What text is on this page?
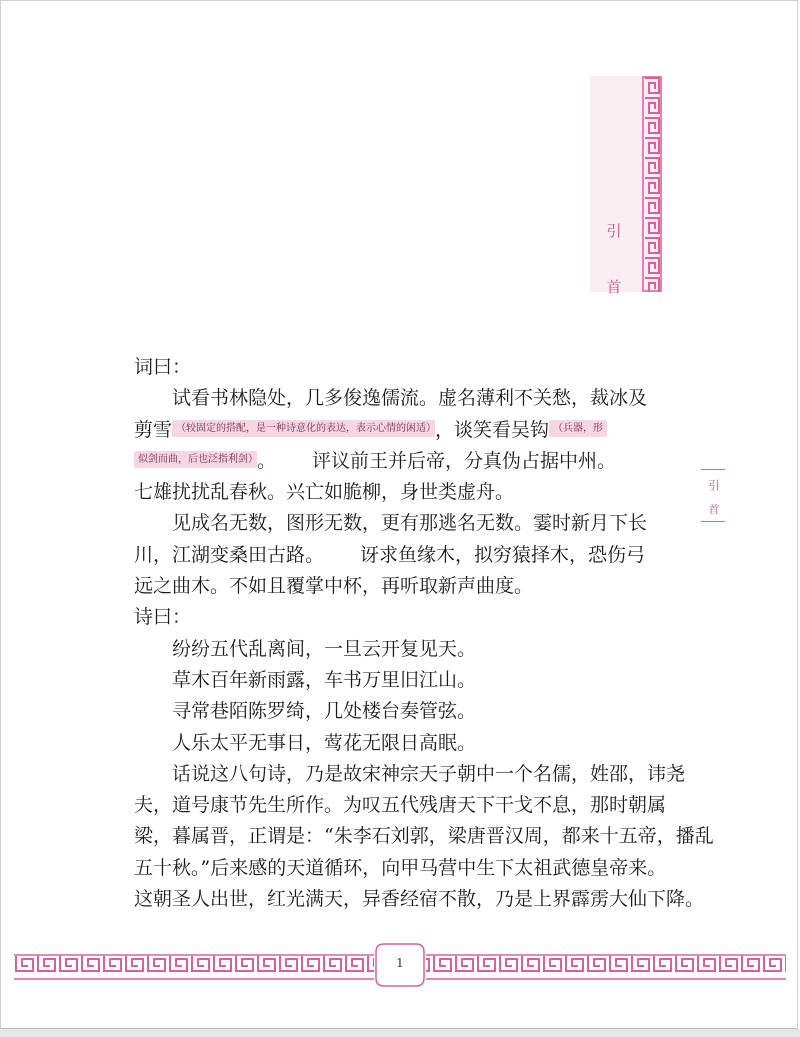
引
首
引
首
词曰：
试看书林隐处，几多俊逸儒流。虚名薄利不关愁，裁冰及
剪雪 （较固定的搭配，是一种诗意化的表达，表示心情的闲适） ，谈笑看吴钩 （兵器，形
似剑而曲，后也泛指利剑） 。 评议前王并后帝，分真伪占据中州。
七雄扰扰乱春秋。兴亡如脆柳，身世类虚舟。
见成名无数，图形无数，更有那逃名无数。霎时新月下长
川，江湖变桑田古路。 讶求鱼缘木，拟穷猿择木，恐伤弓
远之曲木。不如且覆掌中杯，再听取新声曲度。
诗曰：
纷纷五代乱离间，一旦云开复见天。
草木百年新雨露，车书万里旧江山。
寻常巷陌陈罗绮，几处楼台奏管弦。
人乐太平无事日，莺花无限日高眠。
话说这八句诗，乃是故宋神宗天子朝中一个名儒，姓邵，讳尧
夫，道号康节先生所作。为叹五代残唐天下干戈不息，那时朝属
梁，暮属晋，正谓是：“朱李石刘郭，梁唐晋汉周，都来十五帝，播乱
五十秋。”后来感的天道循环，向甲马营中生下太祖武德皇帝来。
这朝圣人出世，红光满天，异香经宿不散，乃是上界霹雳大仙下降。
1
